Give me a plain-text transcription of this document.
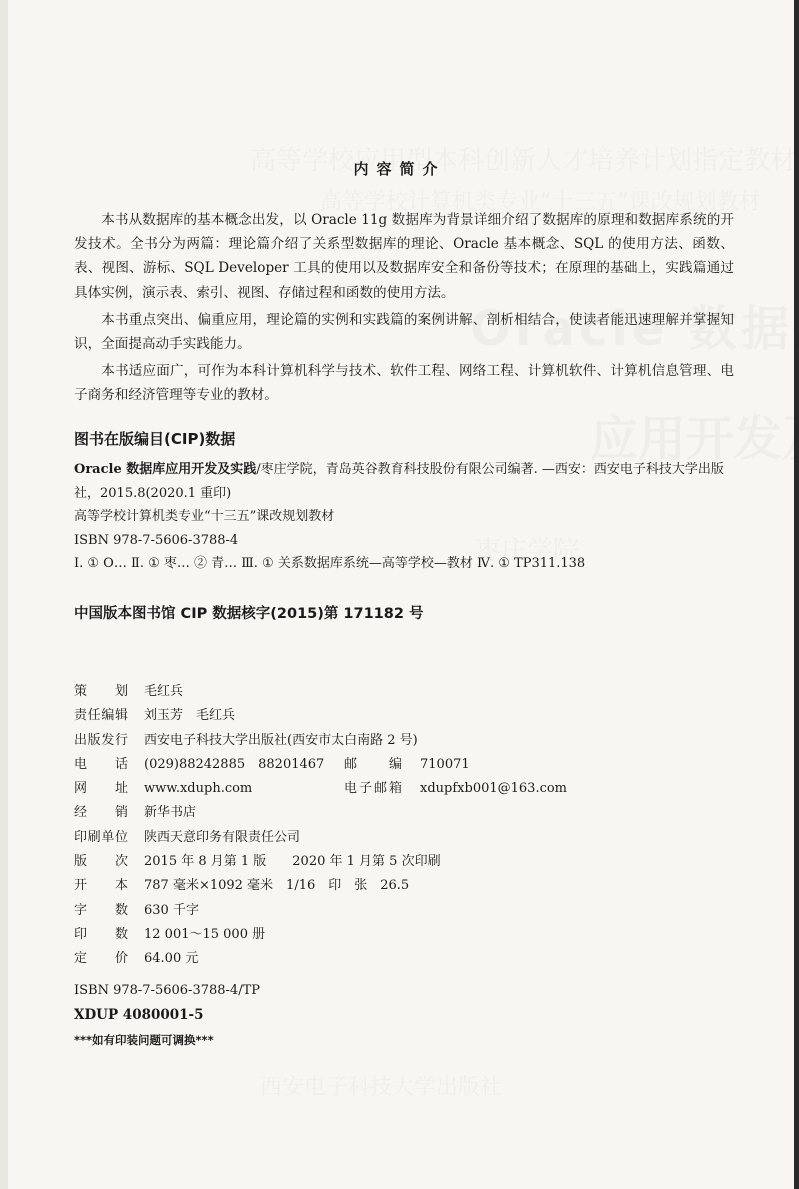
内容简介

本书从数据库的基本概念出发，以 Oracle 11g 数据库为背景详细介绍了数据库的原理和数据库系统的开发技术。全书分为两篇：理论篇介绍了关系型数据库的理论、Oracle 基本概念、SQL 的使用方法、函数、表、视图、游标、SQL Developer 工具的使用以及数据库安全和备份等技术；在原理的基础上，实践篇通过具体实例，演示表、索引、视图、存储过程和函数的使用方法。

本书重点突出、偏重应用，理论篇的实例和实践篇的案例讲解、剖析相结合，使读者能迅速理解并掌握知识，全面提高动手实践能力。

本书适应面广，可作为本科计算机科学与技术、软件工程、网络工程、计算机软件、计算机信息管理、电子商务和经济管理等专业的教材。

图书在版编目(CIP)数据
Oracle 数据库应用开发及实践/枣庄学院，青岛英谷教育科技股份有限公司编著. —西安：西安电子科技大学出版社，2015.8(2020.1 重印)
高等学校计算机类专业“十三五”课改规划教材
ISBN 978-7-5606-3788-4
Ⅰ. ① O… Ⅱ. ① 枣… ② 青… Ⅲ. ① 关系数据库系统—高等学校—教材 Ⅳ. ① TP311.138
中国版本图书馆 CIP 数据核字(2015)第 171182 号
策划 毛红兵
责任编辑 刘玉芳　毛红兵
出版发行 西安电子科技大学出版社(西安市太白南路 2 号)
电话 (029)88242885　88201467 邮编 710071
网址 www.xduph.com	电子邮箱 xdupfxb001@163.com
经销 新华书店
印刷单位 陕西天意印务有限责任公司
版次 2015 年 8 月第 1 版　　2020 年 1 月第 5 次印刷
开本 787 毫米×1092 毫米　1/16　印　张　26.5
字数 630 千字
印数 12 001～15 000 册
定价 64.00 元
ISBN 978-7-5606-3788-4/TP
XDUP 4080001-5
***如有印装问题可调换***
